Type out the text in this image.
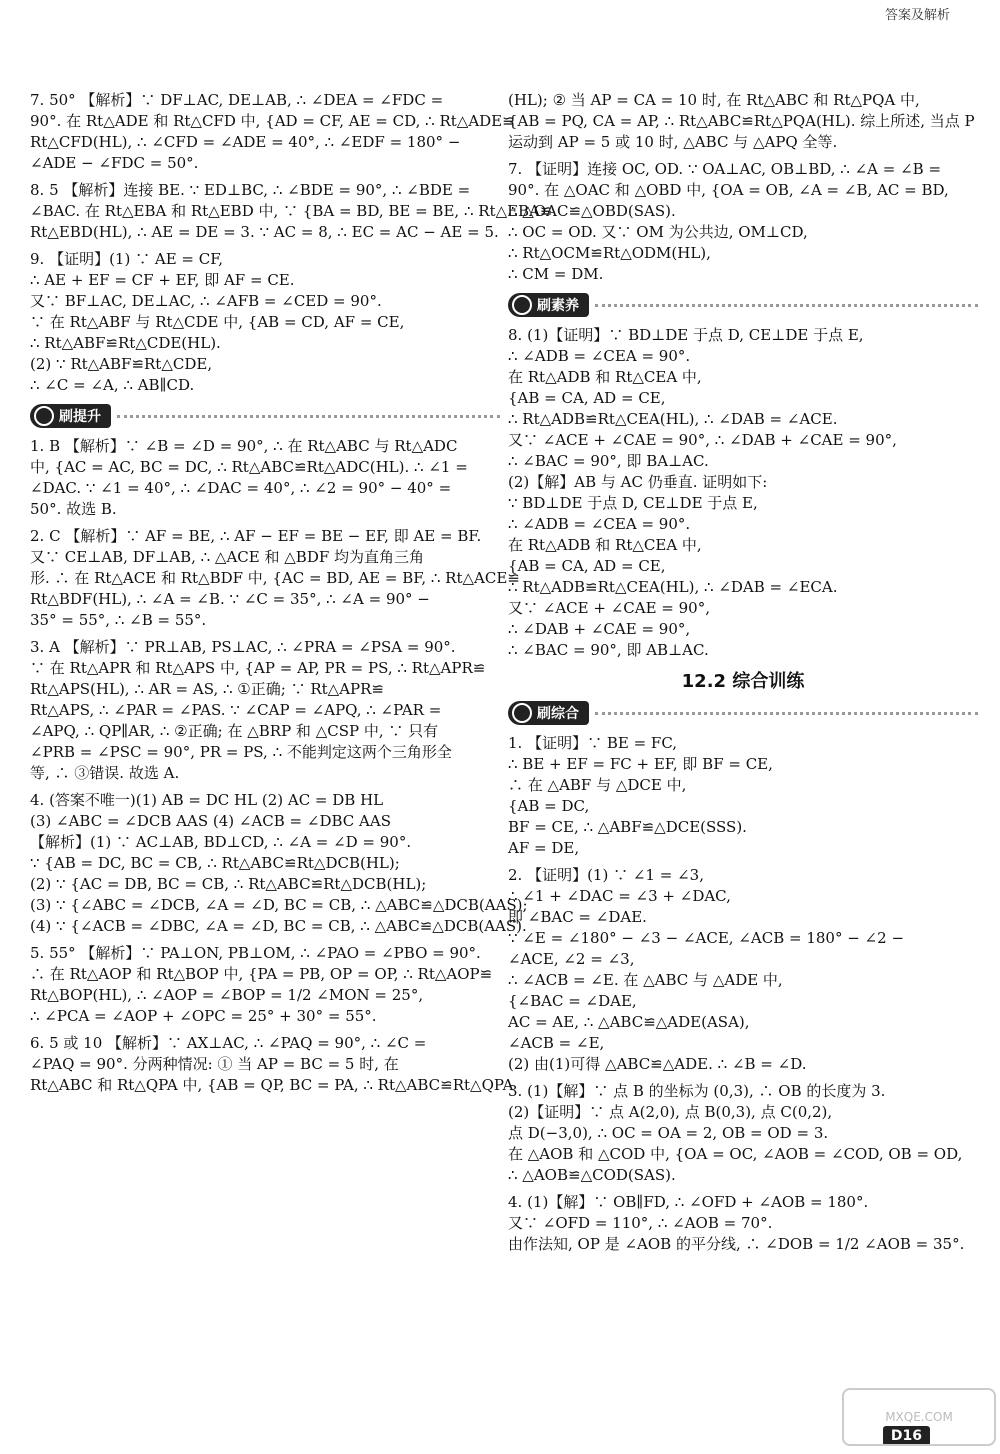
答案及解析
7. 50° 【解析】∵ DF⊥AC, DE⊥AB, ∴ ∠DEA = ∠FDC =
90°. 在 Rt△ADE 和 Rt△CFD 中, {AD = CF, AE = CD, ∴ Rt△ADE≌
Rt△CFD(HL), ∴ ∠CFD = ∠ADE = 40°, ∴ ∠EDF = 180° −
∠ADE − ∠FDC = 50°.
8. 5 【解析】连接 BE. ∵ ED⊥BC, ∴ ∠BDE = 90°, ∴ ∠BDE =
∠BAC. 在 Rt△EBA 和 Rt△EBD 中, ∵ {BA = BD, BE = BE, ∴ Rt△EBA≌
Rt△EBD(HL), ∴ AE = DE = 3. ∵ AC = 8, ∴ EC = AC − AE = 5.
9. 【证明】(1) ∵ AE = CF,
∴ AE + EF = CF + EF, 即 AF = CE.
又∵ BF⊥AC, DE⊥AC, ∴ ∠AFB = ∠CED = 90°.
∵ 在 Rt△ABF 与 Rt△CDE 中, {AB = CD, AF = CE,
∴ Rt△ABF≌Rt△CDE(HL).
(2) ∵ Rt△ABF≌Rt△CDE,
∴ ∠C = ∠A, ∴ AB∥CD.
刷提升
1. B 【解析】∵ ∠B = ∠D = 90°, ∴ 在 Rt△ABC 与 Rt△ADC
中, {AC = AC, BC = DC, ∴ Rt△ABC≌Rt△ADC(HL). ∴ ∠1 =
∠DAC. ∵ ∠1 = 40°, ∴ ∠DAC = 40°, ∴ ∠2 = 90° − 40° =
50°. 故选 B.
2. C 【解析】∵ AF = BE, ∴ AF − EF = BE − EF, 即 AE = BF.
又∵ CE⊥AB, DF⊥AB, ∴ △ACE 和 △BDF 均为直角三角
形. ∴ 在 Rt△ACE 和 Rt△BDF 中, {AC = BD, AE = BF, ∴ Rt△ACE≌
Rt△BDF(HL), ∴ ∠A = ∠B. ∵ ∠C = 35°, ∴ ∠A = 90° −
35° = 55°, ∴ ∠B = 55°.
3. A 【解析】∵ PR⊥AB, PS⊥AC, ∴ ∠PRA = ∠PSA = 90°.
∵ 在 Rt△APR 和 Rt△APS 中, {AP = AP, PR = PS, ∴ Rt△APR≌
Rt△APS(HL), ∴ AR = AS, ∴ ①正确; ∵ Rt△APR≌
Rt△APS, ∴ ∠PAR = ∠PAS. ∵ ∠CAP = ∠APQ, ∴ ∠PAR =
∠APQ, ∴ QP∥AR, ∴ ②正确; 在 △BRP 和 △CSP 中, ∵ 只有
∠PRB = ∠PSC = 90°, PR = PS, ∴ 不能判定这两个三角形全
等, ∴ ③错误. 故选 A.
4. (答案不唯一)(1) AB = DC HL (2) AC = DB HL
(3) ∠ABC = ∠DCB AAS (4) ∠ACB = ∠DBC AAS
【解析】(1) ∵ AC⊥AB, BD⊥CD, ∴ ∠A = ∠D = 90°.
∵ {AB = DC, BC = CB, ∴ Rt△ABC≌Rt△DCB(HL);
(2) ∵ {AC = DB, BC = CB, ∴ Rt△ABC≌Rt△DCB(HL);
(3) ∵ {∠ABC = ∠DCB, ∠A = ∠D, BC = CB, ∴ △ABC≌△DCB(AAS);
(4) ∵ {∠ACB = ∠DBC, ∠A = ∠D, BC = CB, ∴ △ABC≌△DCB(AAS).
5. 55° 【解析】∵ PA⊥ON, PB⊥OM, ∴ ∠PAO = ∠PBO = 90°.
∴ 在 Rt△AOP 和 Rt△BOP 中, {PA = PB, OP = OP, ∴ Rt△AOP≌
Rt△BOP(HL), ∴ ∠AOP = ∠BOP = 1/2 ∠MON = 25°,
∴ ∠PCA = ∠AOP + ∠OPC = 25° + 30° = 55°.
6. 5 或 10 【解析】∵ AX⊥AC, ∴ ∠PAQ = 90°, ∴ ∠C =
∠PAQ = 90°. 分两种情况: ① 当 AP = BC = 5 时, 在
Rt△ABC 和 Rt△QPA 中, {AB = QP, BC = PA, ∴ Rt△ABC≌Rt△QPA
(HL); ② 当 AP = CA = 10 时, 在 Rt△ABC 和 Rt△PQA 中,
{AB = PQ, CA = AP, ∴ Rt△ABC≌Rt△PQA(HL). 综上所述, 当点 P
运动到 AP = 5 或 10 时, △ABC 与 △APQ 全等.
7. 【证明】连接 OC, OD. ∵ OA⊥AC, OB⊥BD, ∴ ∠A = ∠B =
90°. 在 △OAC 和 △OBD 中, {OA = OB, ∠A = ∠B, AC = BD,
∴ △OAC≌△OBD(SAS).
∴ OC = OD. 又∵ OM 为公共边, OM⊥CD,
∴ Rt△OCM≌Rt△ODM(HL),
∴ CM = DM.
刷素养
8. (1)【证明】∵ BD⊥DE 于点 D, CE⊥DE 于点 E,
∴ ∠ADB = ∠CEA = 90°.
在 Rt△ADB 和 Rt△CEA 中,
{AB = CA, AD = CE,
∴ Rt△ADB≌Rt△CEA(HL), ∴ ∠DAB = ∠ACE.
又∵ ∠ACE + ∠CAE = 90°, ∴ ∠DAB + ∠CAE = 90°,
∴ ∠BAC = 90°, 即 BA⊥AC.
(2)【解】AB 与 AC 仍垂直. 证明如下:
∵ BD⊥DE 于点 D, CE⊥DE 于点 E,
∴ ∠ADB = ∠CEA = 90°.
在 Rt△ADB 和 Rt△CEA 中,
{AB = CA, AD = CE,
∴ Rt△ADB≌Rt△CEA(HL), ∴ ∠DAB = ∠ECA.
又∵ ∠ACE + ∠CAE = 90°,
∴ ∠DAB + ∠CAE = 90°,
∴ ∠BAC = 90°, 即 AB⊥AC.
12.2 综合训练
刷综合
1. 【证明】∵ BE = FC,
∴ BE + EF = FC + EF, 即 BF = CE,
∴ 在 △ABF 与 △DCE 中,
{AB = DC,
BF = CE, ∴ △ABF≌△DCE(SSS).
AF = DE,
2. 【证明】(1) ∵ ∠1 = ∠3,
∴ ∠1 + ∠DAC = ∠3 + ∠DAC,
即 ∠BAC = ∠DAE.
∵ ∠E = ∠180° − ∠3 − ∠ACE, ∠ACB = 180° − ∠2 −
∠ACE, ∠2 = ∠3,
∴ ∠ACB = ∠E. 在 △ABC 与 △ADE 中,
{∠BAC = ∠DAE,
AC = AE, ∴ △ABC≌△ADE(ASA),
∠ACB = ∠E,
(2) 由(1)可得 △ABC≌△ADE. ∴ ∠B = ∠D.
3. (1)【解】∵ 点 B 的坐标为 (0,3), ∴ OB 的长度为 3.
(2)【证明】∵ 点 A(2,0), 点 B(0,3), 点 C(0,2),
点 D(−3,0), ∴ OC = OA = 2, OB = OD = 3.
在 △AOB 和 △COD 中, {OA = OC, ∠AOB = ∠COD, OB = OD,
∴ △AOB≌△COD(SAS).
4. (1)【解】∵ OB∥FD, ∴ ∠OFD + ∠AOB = 180°.
又∵ ∠OFD = 110°, ∴ ∠AOB = 70°.
由作法知, OP 是 ∠AOB 的平分线, ∴ ∠DOB = 1/2 ∠AOB = 35°.
D16
MXQE.COM
